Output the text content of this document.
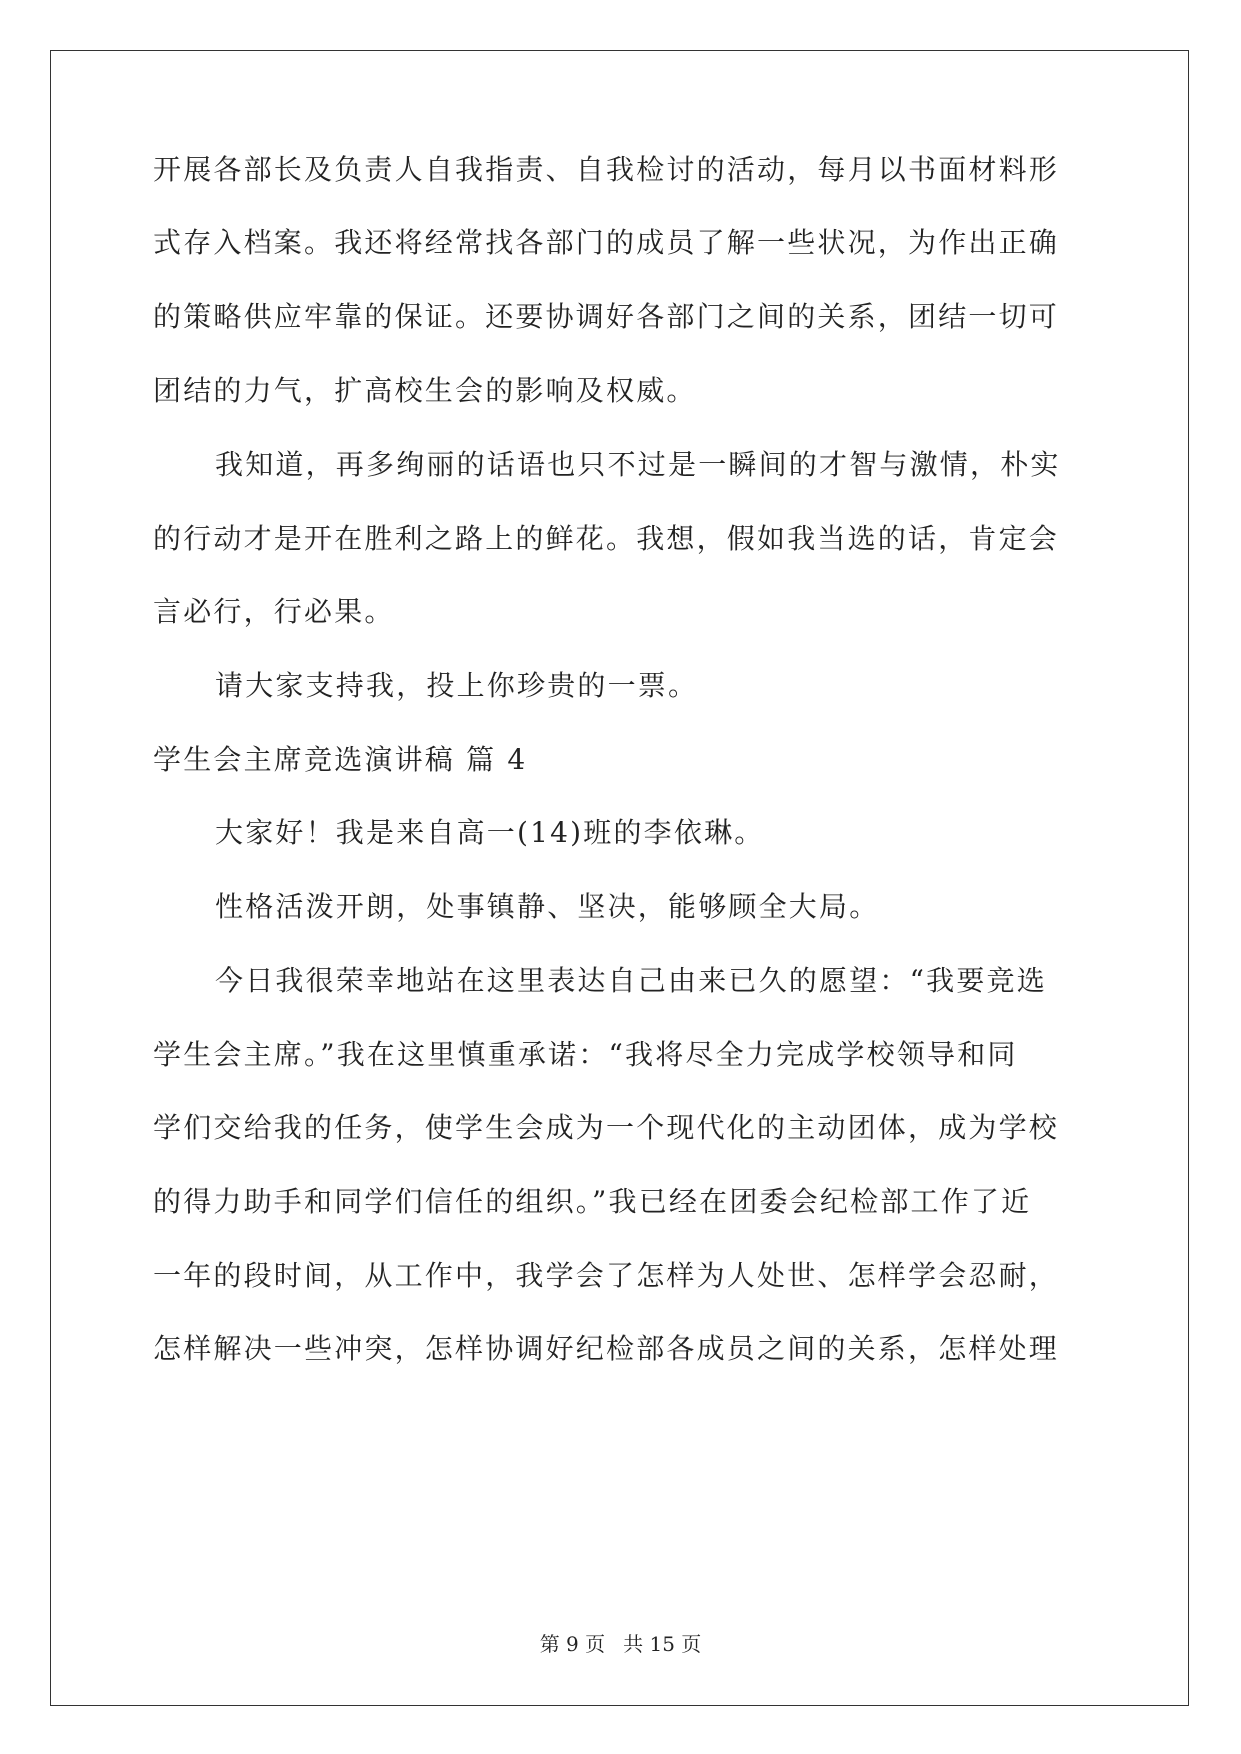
开展各部长及负责人自我指责、自我检讨的活动，每月以书面材料形
式存入档案。我还将经常找各部门的成员了解一些状况，为作出正确
的策略供应牢靠的保证。还要协调好各部门之间的关系，团结一切可
团结的力气，扩高校生会的影响及权威。
我知道，再多绚丽的话语也只不过是一瞬间的才智与激情，朴实
的行动才是开在胜利之路上的鲜花。我想，假如我当选的话，肯定会
言必行，行必果。
请大家支持我，投上你珍贵的一票。
学生会主席竞选演讲稿 篇 4
大家好！我是来自高一(14)班的李依琳。
性格活泼开朗，处事镇静、坚决，能够顾全大局。
今日我很荣幸地站在这里表达自己由来已久的愿望：“我要竞选
学生会主席。”我在这里慎重承诺：“我将尽全力完成学校领导和同
学们交给我的任务，使学生会成为一个现代化的主动团体，成为学校
的得力助手和同学们信任的组织。”我已经在团委会纪检部工作了近
一年的段时间，从工作中，我学会了怎样为人处世、怎样学会忍耐，
怎样解决一些冲突，怎样协调好纪检部各成员之间的关系，怎样处理
第 9 页 共 15 页
